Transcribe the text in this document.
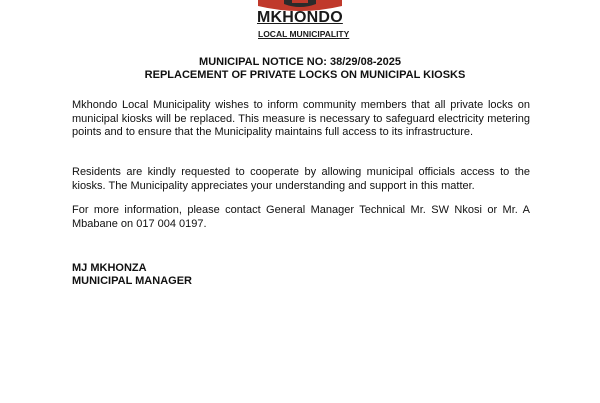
MKHONDO
LOCAL MUNICIPALITY
MUNICIPAL NOTICE NO: 38/29/08-2025
REPLACEMENT OF PRIVATE LOCKS ON MUNICIPAL KIOSKS

Mkhondo Local Municipality wishes to inform community members that all private locks on municipal kiosks will be replaced. This measure is necessary to safeguard electricity metering points and to ensure that the Municipality maintains full access to its infrastructure.

Residents are kindly requested to cooperate by allowing municipal officials access to the kiosks. The Municipality appreciates your understanding and support in this matter.

For more information, please contact General Manager Technical Mr. SW Nkosi or Mr. A Mbabane on 017 004 0197.

MJ MKHONZA
MUNICIPAL MANAGER
